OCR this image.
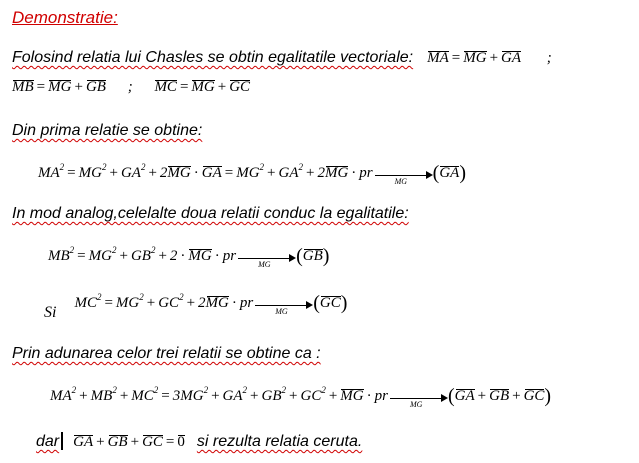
Demonstratie:
Folosind relatia lui Chasles se obtin egalitatile vectoriale: MA = MG + GA ;
MB = MG + GB ; MC = MG + GC
Din prima relatie se obtine:
$MA^2 = MG^2 + GA^2 + 2MG$ · GA = $MG^2 + GA^2 + 2MG$ · pr
MG (GA)
In mod analog,celelalte doua relatii conduc la egalitatile:
$MB^2 = MG^2 + GB^2 + 2$ · MG · pr
MG (GB)
SiMC$^2$ = $MG^2 + GC^2 + 2MG$ · pr
MG (GC)
Prin adunarea celor trei relatii se obtine ca :
$MA^2 + MB^2 + MC^2 = 3MG^2 + GA^2 + GB^2 + GC^2$ + MG · pr
MG (GA + GB + GC)
dar GA + GB + GC = 0 si rezulta relatia ceruta.
